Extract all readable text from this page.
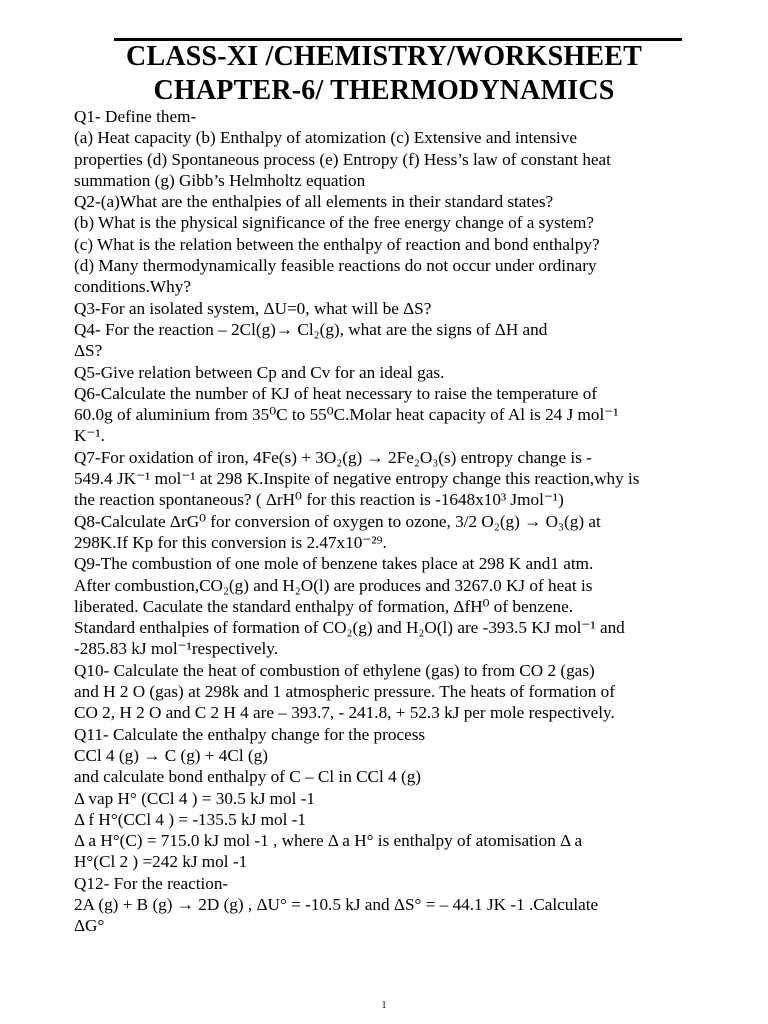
CLASS-XI /CHEMISTRY/WORKSHEET
CHAPTER-6/ THERMODYNAMICS
Q1- Define them-
(a) Heat capacity (b) Enthalpy of atomization (c) Extensive and intensive
properties (d) Spontaneous process (e) Entropy (f) Hess’s law of constant heat
summation (g) Gibb’s Helmholtz equation
Q2-(a)What are the enthalpies of all elements in their standard states?
(b) What is the physical significance of the free energy change of a system?
(c) What is the relation between the enthalpy of reaction and bond enthalpy?
(d) Many thermodynamically feasible reactions do not occur under ordinary
conditions.Why?
Q3-For an isolated system, ΔU=0, what will be ΔS?
Q4- For the reaction – 2Cl(g)→ Cl₂(g), what are the signs of ΔH and
ΔS?
Q5-Give relation between Cp and Cv for an ideal gas.
Q6-Calculate the number of KJ of heat necessary to raise the temperature of
60.0g of aluminium from 35⁰C to 55⁰C.Molar heat capacity of Al is 24 J mol⁻¹
K⁻¹.
Q7-For oxidation of iron, 4Fe(s) + 3O₂(g) → 2Fe₂O₃(s) entropy change is -
549.4 JK⁻¹ mol⁻¹ at 298 K.Inspite of negative entropy change this reaction,why is
the reaction spontaneous? ( ΔrH⁰ for this reaction is -1648x10³ Jmol⁻¹)
Q8-Calculate ΔrG⁰ for conversion of oxygen to ozone, 3/2 O₂(g) → O₃(g) at
298K.If Kp for this conversion is 2.47x10⁻²⁹.
Q9-The combustion of one mole of benzene takes place at 298 K and1 atm.
After combustion,CO₂(g) and H₂O(l) are produces and 3267.0 KJ of heat is
liberated. Caculate the standard enthalpy of formation, ΔfH⁰ of benzene.
Standard enthalpies of formation of CO₂(g) and H₂O(l) are -393.5 KJ mol⁻¹ and
-285.83 kJ mol⁻¹respectively.
Q10- Calculate the heat of combustion of ethylene (gas) to from CO 2 (gas)
and H 2 O (gas) at 298k and 1 atmospheric pressure. The heats of formation of
CO 2, H 2 O and C 2 H 4 are – 393.7, - 241.8, + 52.3 kJ per mole respectively.
Q11- Calculate the enthalpy change for the process
CCl 4 (g) → C (g) + 4Cl (g)
and calculate bond enthalpy of C – Cl in CCl 4 (g)
Δ vap H° (CCl 4 ) = 30.5 kJ mol -1
Δ f H°(CCl 4 ) = -135.5 kJ mol -1
Δ a H°(C) = 715.0 kJ mol -1 , where Δ a H° is enthalpy of atomisation Δ a
H°(Cl 2 ) =242 kJ mol -1
Q12- For the reaction-
2A (g) + B (g) → 2D (g) , ΔU° = -10.5 kJ and ΔS° = – 44.1 JK -1 .Calculate
ΔG°
1
